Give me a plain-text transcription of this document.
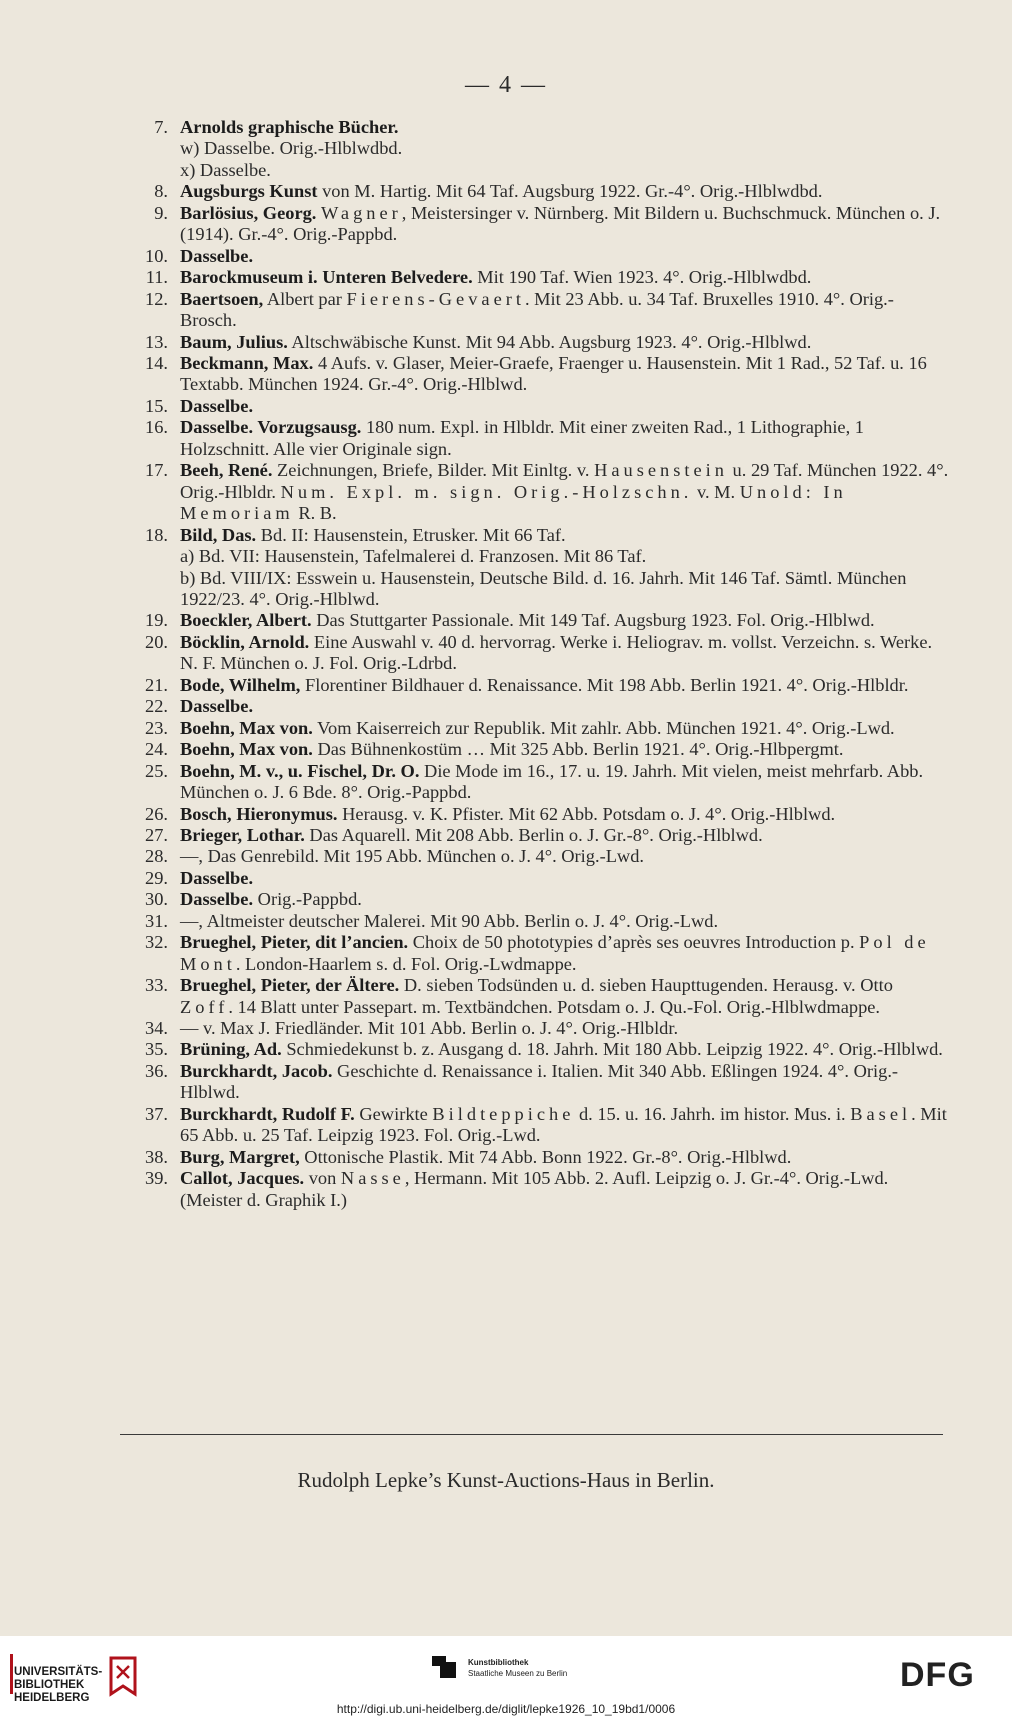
— 4 —
7. Arnolds graphische Bücher.
w) Dasselbe. Orig.-Hlblwdbd.
x) Dasselbe.
8. Augsburgs Kunst von M. Hartig. Mit 64 Taf. Augsburg 1922. Gr.-4°. Orig.-Hlblwdbd.
9. Barlösius, Georg. Wagner, Meistersinger v. Nürnberg. Mit Bildern u. Buchschmuck. München o. J. (1914). Gr.-4°. Orig.-Pappbd.
10. Dasselbe.
11. Barockmuseum i. Unteren Belvedere. Mit 190 Taf. Wien 1923. 4°. Orig.-Hlblwdbd.
12. Baertsoen, Albert par Fierens-Gevaert. Mit 23 Abb. u. 34 Taf. Bruxelles 1910. 4°. Orig.-Brosch.
13. Baum, Julius. Altschwäbische Kunst. Mit 94 Abb. Augsburg 1923. 4°. Orig.-Hlblwd.
14. Beckmann, Max. 4 Aufs. v. Glaser, Meier-Graefe, Fraenger u. Hausenstein. Mit 1 Rad., 52 Taf. u. 16 Textabb. München 1924. Gr.-4°. Orig.-Hlblwd.
15. Dasselbe.
16. Dasselbe. Vorzugsausg. 180 num. Expl. in Hlbldr. Mit einer zweiten Rad., 1 Lithographie, 1 Holzschnitt. Alle vier Originale sign.
17. Beeh, René. Zeichnungen, Briefe, Bilder. Mit Einltg. v. Hausenstein u. 29 Taf. München 1922. 4°. Orig.-Hlbldr. Num. Expl. m. sign. Orig.-Holzschn. v. M. Unold: In Memoriam R. B.
18. Bild, Das. Bd. II: Hausenstein, Etrusker. Mit 66 Taf.
a) Bd. VII: Hausenstein, Tafelmalerei d. Franzosen. Mit 86 Taf.
b) Bd. VIII/IX: Esswein u. Hausenstein, Deutsche Bild. d. 16. Jahrh. Mit 146 Taf. Sämtl. München 1922/23. 4°. Orig.-Hlblwd.
19. Boeckler, Albert. Das Stuttgarter Passionale. Mit 149 Taf. Augsburg 1923. Fol. Orig.-Hlblwd.
20. Böcklin, Arnold. Eine Auswahl v. 40 d. hervorrag. Werke i. Heliograv. m. vollst. Verzeichn. s. Werke. N. F. München o. J. Fol. Orig.-Ldrbd.
21. Bode, Wilhelm, Florentiner Bildhauer d. Renaissance. Mit 198 Abb. Berlin 1921. 4°. Orig.-Hlbldr.
22. Dasselbe.
23. Boehn, Max von. Vom Kaiserreich zur Republik. Mit zahlr. Abb. München 1921. 4°. Orig.-Lwd.
24. Boehn, Max von. Das Bühnenkostüm … Mit 325 Abb. Berlin 1921. 4°. Orig.-Hlbpergmt.
25. Boehn, M. v., u. Fischel, Dr. O. Die Mode im 16., 17. u. 19. Jahrh. Mit vielen, meist mehrfarb. Abb. München o. J. 6 Bde. 8°. Orig.-Pappbd.
26. Bosch, Hieronymus. Herausg. v. K. Pfister. Mit 62 Abb. Potsdam o. J. 4°. Orig.-Hlblwd.
27. Brieger, Lothar. Das Aquarell. Mit 208 Abb. Berlin o. J. Gr.-8°. Orig.-Hlblwd.
28. —, Das Genrebild. Mit 195 Abb. München o. J. 4°. Orig.-Lwd.
29. Dasselbe.
30. Dasselbe. Orig.-Pappbd.
31. —, Altmeister deutscher Malerei. Mit 90 Abb. Berlin o. J. 4°. Orig.-Lwd.
32. Brueghel, Pieter, dit l’ancien. Choix de 50 phototypies d’après ses oeuvres Introduction p. Pol de Mont. London-Haarlem s. d. Fol. Orig.-Lwdmappe.
33. Brueghel, Pieter, der Ältere. D. sieben Todsünden u. d. sieben Haupttugenden. Herausg. v. Otto Zoff. 14 Blatt unter Passepart. m. Textbändchen. Potsdam o. J. Qu.-Fol. Orig.-Hlblwdmappe.
34. — v. Max J. Friedländer. Mit 101 Abb. Berlin o. J. 4°. Orig.-Hlbldr.
35. Brüning, Ad. Schmiedekunst b. z. Ausgang d. 18. Jahrh. Mit 180 Abb. Leipzig 1922. 4°. Orig.-Hlblwd.
36. Burckhardt, Jacob. Geschichte d. Renaissance i. Italien. Mit 340 Abb. Eßlingen 1924. 4°. Orig.-Hlblwd.
37. Burckhardt, Rudolf F. Gewirkte Bildteppiche d. 15. u. 16. Jahrh. im histor. Mus. i. Basel. Mit 65 Abb. u. 25 Taf. Leipzig 1923. Fol. Orig.-Lwd.
38. Burg, Margret, Ottonische Plastik. Mit 74 Abb. Bonn 1922. Gr.-8°. Orig.-Hlblwd.
39. Callot, Jacques. von Nasse, Hermann. Mit 105 Abb. 2. Aufl. Leipzig o. J. Gr.-4°. Orig.-Lwd. (Meister d. Graphik I.)
Rudolph Lepke’s Kunst-Auctions-Haus in Berlin.
UNIVERSITÄTS-
BIBLIOTHEK
HEIDELBERG
Kunstbibliothek
Staatliche Museen zu Berlin	DFG
http://digi.ub.uni-heidelberg.de/diglit/lepke1926_10_19bd1/0006
